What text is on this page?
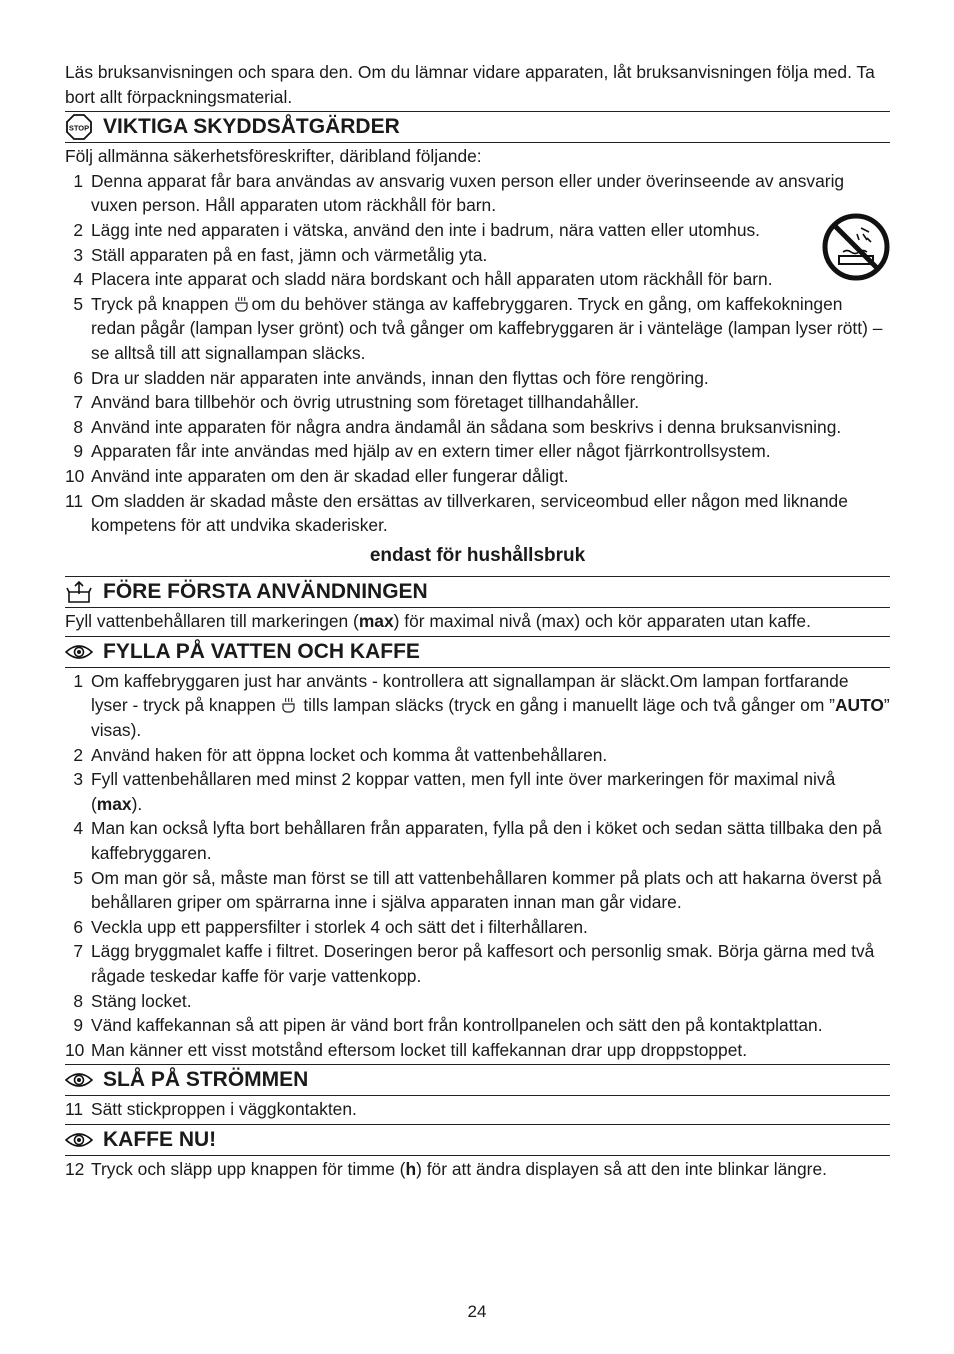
Läs bruksanvisningen och spara den. Om du lämnar vidare apparaten, låt bruksanvisningen följa med. Ta bort allt förpackningsmaterial.

STOP VIKTIGA SKYDDSÅTGÄRDER

Följ allmänna säkerhetsföreskrifter, däribland följande:

1 Denna apparat får bara användas av ansvarig vuxen person eller under överinseende av ansvarig vuxen person. Håll apparaten utom räckhåll för barn.
2 Lägg inte ned apparaten i vätska, använd den inte i badrum, nära vatten eller utomhus.
3 Ställ apparaten på en fast, jämn och värmetålig yta.
4 Placera inte apparat och sladd nära bordskant och håll apparaten utom räckhåll för barn.
5 Tryck på knappen om du behöver stänga av kaffebryggaren. Tryck en gång, om kaffekokningen redan pågår (lampan lyser grönt) och två gånger om kaffebryggaren är i vänteläge (lampan lyser rött) – se alltså till att signallampan släcks.
6 Dra ur sladden när apparaten inte används, innan den flyttas och före rengöring.
7 Använd bara tillbehör och övrig utrustning som företaget tillhandahåller.
8 Använd inte apparaten för några andra ändamål än sådana som beskrivs i denna bruksanvisning.
9 Apparaten får inte användas med hjälp av en extern timer eller något fjärrkontrollsystem.
10 Använd inte apparaten om den är skadad eller fungerar dåligt.
11 Om sladden är skadad måste den ersättas av tillverkaren, serviceombud eller någon med liknande kompetens för att undvika skaderisker.

endast för hushållsbruk

FÖRE FÖRSTA ANVÄNDNINGEN

Fyll vattenbehållaren till markeringen (max) för maximal nivå (max) och kör apparaten utan kaffe.

FYLLA PÅ VATTEN OCH KAFFE
1 Om kaffebryggaren just har använts - kontrollera att signallampan är släckt.Om lampan fortfarande lyser - tryck på knappen tills lampan släcks (tryck en gång i manuellt läge och två gånger om ”AUTO” visas).
2 Använd haken för att öppna locket och komma åt vattenbehållaren.
3 Fyll vattenbehållaren med minst 2 koppar vatten, men fyll inte över markeringen för maximal nivå (max).
4 Man kan också lyfta bort behållaren från apparaten, fylla på den i köket och sedan sätta tillbaka den på kaffebryggaren.
5 Om man gör så, måste man först se till att vattenbehållaren kommer på plats och att hakarna överst på behållaren griper om spärrarna inne i själva apparaten innan man går vidare.
6 Veckla upp ett pappersfilter i storlek 4 och sätt det i filterhållaren.
7 Lägg bryggmalet kaffe i filtret. Doseringen beror på kaffesort och personlig smak. Börja gärna med två rågade teskedar kaffe för varje vattenkopp.
8 Stäng locket.
9 Vänd kaffekannan så att pipen är vänd bort från kontrollpanelen och sätt den på kontaktplattan.
10 Man känner ett visst motstånd eftersom locket till kaffekannan drar upp droppstoppet.
SLÅ PÅ STRÖMMEN
11 Sätt stickproppen i väggkontakten.
KAFFE NU!
12 Tryck och släpp upp knappen för timme (h) för att ändra displayen så att den inte blinkar längre.
24
